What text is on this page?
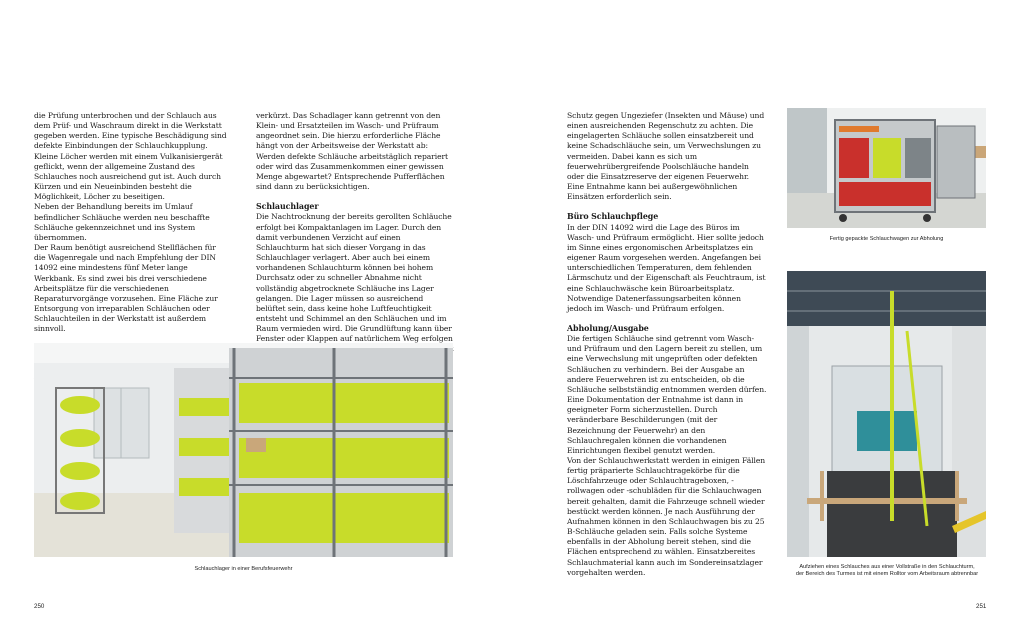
die Prüfung unterbrochen und der Schlauch aus dem Prüf- und Waschraum direkt in die Werkstatt gegeben werden. Eine typische Beschädigung sind defekte Einbindungen der Schlauchkupplung. Kleine Löcher werden mit einem Vulkanisiergerät geflickt, wenn der allgemeine Zustand des Schlauches noch ausreichend gut ist. Auch durch Kürzen und ein Neueinbinden besteht die Möglichkeit, Löcher zu beseitigen.

Neben der Behandlung bereits im Umlauf befindlicher Schläuche werden neu beschaffte Schläuche gekennzeichnet und ins System übernommen.

Der Raum benötigt ausreichend Stellflächen für die Wagenregale und nach Empfehlung der DIN 14092 eine mindestens fünf Meter lange Werkbank. Es sind zwei bis drei verschiedene Arbeitsplätze für die verschiedenen Reparaturvorgänge vorzusehen. Eine Fläche zur Entsorgung von irreparablen Schläuchen oder Schlauchteilen in der Werkstatt ist außerdem sinnvoll.

verkürzt. Das Schadlager kann getrennt von den Klein- und Ersatzteilen im Wasch- und Prüfraum angeordnet sein. Die hierzu erforderliche Fläche hängt von der Arbeitsweise der Werkstatt ab: Werden defekte Schläuche arbeitstäglich repariert oder wird das Zusammenkommen einer gewissen Menge abgewartet? Entsprechende Pufferflächen sind dann zu berücksichtigen.

Schlauchlager

Die Nachtrocknung der bereits gerollten Schläuche erfolgt bei Kompaktanlagen im Lager. Durch den damit verbundenen Verzicht auf einen Schlauchturm hat sich dieser Vorgang in das Schlauchlager verlagert. Aber auch bei einem vorhandenen Schlauchturm können bei hohem Durchsatz oder zu schneller Abnahme nicht vollständig abgetrocknete Schläuche ins Lager gelangen. Die Lager müssen so ausreichend belüftet sein, dass keine hohe Luftfeuchtigkeit entsteht und Schimmel an den Schläuchen und im Raum vermieden wird. Die Grundlüftung kann über Fenster oder Klappen auf natürlichem Weg erfolgen

Schlauchlager in einer Berufsfeuerwehr
250

Schutz gegen Ungeziefer (Insekten und Mäuse) und einen ausreichenden Regenschutz zu achten. Die eingelagerten Schläuche sollen einsatzbereit und keine Schadschläuche sein, um Verwechslungen zu vermeiden. Dabei kann es sich um feuerwehrübergreifende Poolschläuche handeln oder die Einsatzreserve der eigenen Feuerwehr. Eine Entnahme kann bei außergewöhnlichen Einsätzen erforderlich sein.

Büro Schlauchpflege

In der DIN 14092 wird die Lage des Büros im Wasch- und Prüfraum ermöglicht. Hier sollte jedoch im Sinne eines ergonomischen Arbeitsplatzes ein eigener Raum vorgesehen werden. Angefangen bei unterschiedlichen Temperaturen, dem fehlenden Lärmschutz und der Eigenschaft als Feuchtraum, ist eine Schlauchwäsche kein Büroarbeitsplatz. Notwendige Datenerfassungsarbeiten können jedoch im Wasch- und Prüfraum erfolgen.

Abholung/Ausgabe

Die fertigen Schläuche sind getrennt vom Wasch- und Prüfraum und den Lagern bereit zu stellen, um eine Verwechslung mit ungeprüften oder defekten Schläuchen zu verhindern. Bei der Ausgabe an andere Feuerwehren ist zu entscheiden, ob die Schläuche selbstständig entnommen werden dürfen. Eine Dokumentation der Entnahme ist dann in geeigneter Form sicherzustellen. Durch veränderbare Beschilderungen (mit der Bezeichnung der Feuerwehr) an den Schlauchregalen können die vorhandenen Einrichtungen flexibel genutzt werden.

Von der Schlauchwerkstatt werden in einigen Fällen fertig präparierte Schlauchtragekörbe für die Löschfahrzeuge oder Schlauchtrageboxen, -rollwagen oder -schubläden für die Schlauchwagen bereit gehalten, damit die Fahrzeuge schnell wieder bestückt werden können. Je nach Ausführung der Aufnahmen können in den Schlauchwagen bis zu 25 B-Schläuche geladen sein. Falls solche Systeme ebenfalls in der Abholung bereit stehen, sind die Flächen entsprechend zu wählen. Einsatzbereites Schlauchmaterial kann auch im Sondereinsatzlager vorgehalten werden.

Fertig gepackte Schlauchwagen zur Abholung
Aufziehen eines Schlauches aus einer Vollstraße in den Schlauchturm,
der Bereich des Turmes ist mit einem Rolltor vom Arbeitsraum abtrennbar
251
